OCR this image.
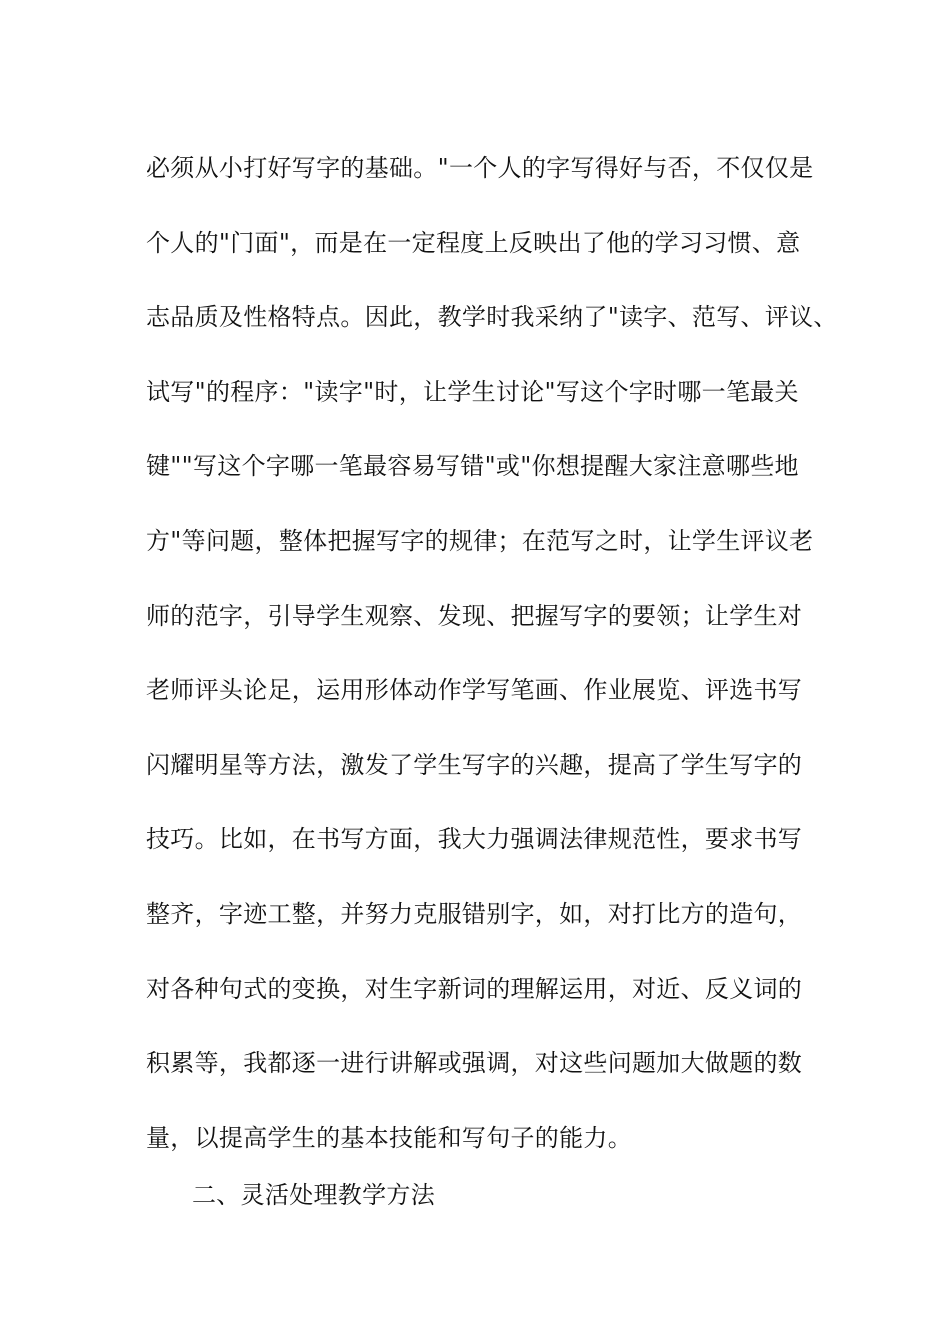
必须从小打好写字的基础。"一个人的字写得好与否，不仅仅是
个人的"门面"，而是在一定程度上反映出了他的学习习惯、意
志品质及性格特点。因此，教学时我采纳了"读字、范写、评议、
试写"的程序："读字"时，让学生讨论"写这个字时哪一笔最关
键""写这个字哪一笔最容易写错"或"你想提醒大家注意哪些地
方"等问题，整体把握写字的规律；在范写之时，让学生评议老
师的范字，引导学生观察、发现、把握写字的要领；让学生对
老师评头论足，运用形体动作学写笔画、作业展览、评选书写
闪耀明星等方法，激发了学生写字的兴趣，提高了学生写字的
技巧。比如，在书写方面，我大力强调法律规范性，要求书写
整齐，字迹工整，并努力克服错别字，如，对打比方的造句，
对各种句式的变换，对生字新词的理解运用，对近、反义词的
积累等，我都逐一进行讲解或强调，对这些问题加大做题的数
量，以提高学生的基本技能和写句子的能力。
二、灵活处理教学方法
